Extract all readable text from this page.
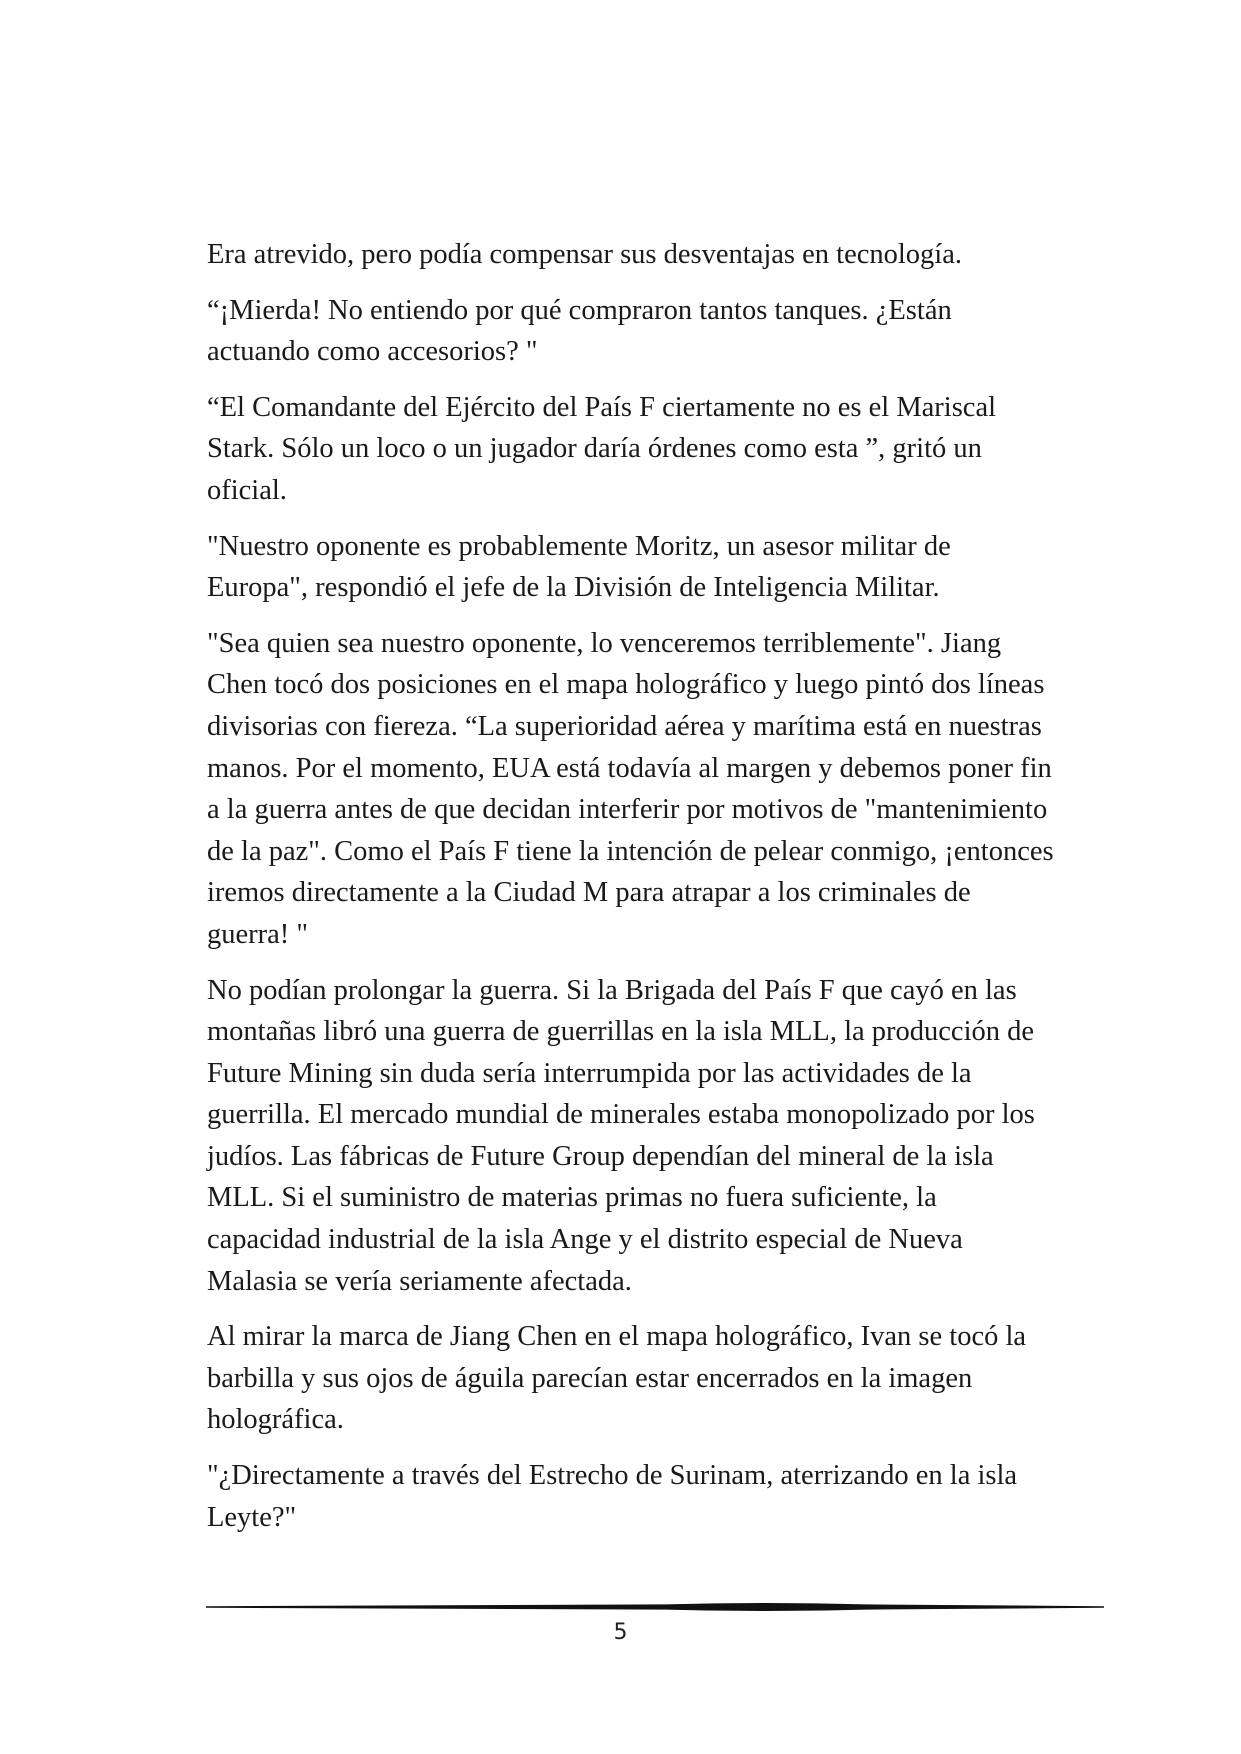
Era atrevido, pero podía compensar sus desventajas en tecnología.

“¡Mierda! No entiendo por qué compraron tantos tanques. ¿Están actuando como accesorios? "

“El Comandante del Ejército del País F ciertamente no es el Mariscal Stark. Sólo un loco o un jugador daría órdenes como esta ”, gritó un oficial.

"Nuestro oponente es probablemente Moritz, un asesor militar de Europa", respondió el jefe de la División de Inteligencia Militar.

"Sea quien sea nuestro oponente, lo venceremos terriblemente". Jiang Chen tocó dos posiciones en el mapa holográfico y luego pintó dos líneas divisorias con fiereza. “La superioridad aérea y marítima está en nuestras manos. Por el momento, EUA está todavía al margen y debemos poner fin a la guerra antes de que decidan interferir por motivos de "mantenimiento de la paz". Como el País F tiene la intención de pelear conmigo, ¡entonces iremos directamente a la Ciudad M para atrapar a los criminales de guerra! "

No podían prolongar la guerra. Si la Brigada del País F que cayó en las montañas libró una guerra de guerrillas en la isla MLL, la producción de Future Mining sin duda sería interrumpida por las actividades de la guerrilla. El mercado mundial de minerales estaba monopolizado por los judíos. Las fábricas de Future Group dependían del mineral de la isla MLL. Si el suministro de materias primas no fuera suficiente, la capacidad industrial de la isla Ange y el distrito especial de Nueva Malasia se vería seriamente afectada.

Al mirar la marca de Jiang Chen en el mapa holográfico, Ivan se tocó la barbilla y sus ojos de águila parecían estar encerrados en la imagen holográfica.

"¿Directamente a través del Estrecho de Surinam, aterrizando en la isla Leyte?"

5
